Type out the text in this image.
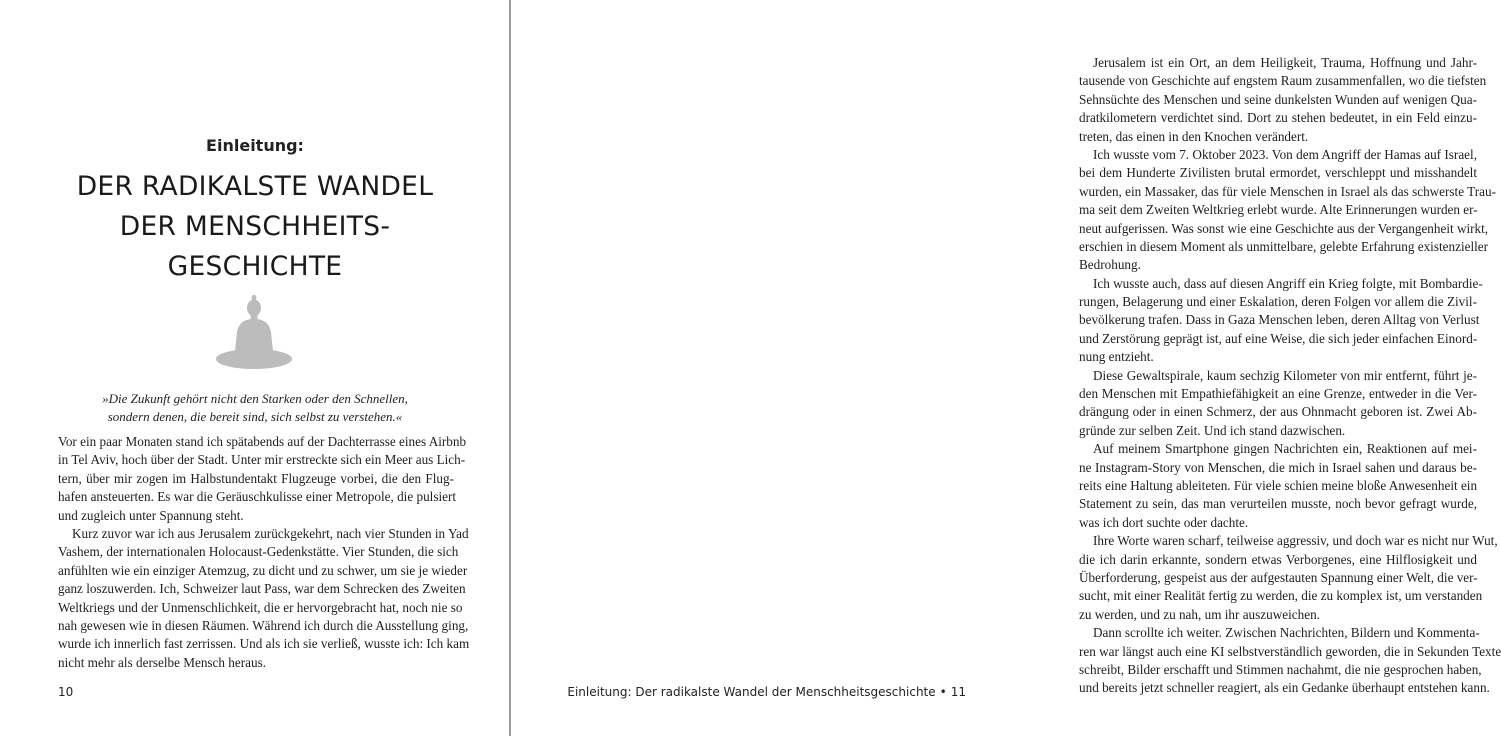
Einleitung:
DER RADIKALSTE WANDEL
DER MENSCHHEITS-
GESCHICHTE

»Die Zukunft gehört nicht den Starken oder den Schnellen,
sondern denen, die bereit sind, sich selbst zu verstehen.«

Vor ein paar Monaten stand ich spätabends auf der Dachterrasse eines Airbnb
in Tel Aviv, hoch über der Stadt. Unter mir erstreckte sich ein Meer aus Lich-
tern, über mir zogen im Halbstundentakt Flugzeuge vorbei, die den Flug-
hafen ansteuerten. Es war die Geräuschkulisse einer Metropole, die pulsiert
und zugleich unter Spannung steht.
Kurz zuvor war ich aus Jerusalem zurückgekehrt, nach vier Stunden in Yad
Vashem, der internationalen Holocaust-Gedenkstätte. Vier Stunden, die sich
anfühlten wie ein einziger Atemzug, zu dicht und zu schwer, um sie je wieder
ganz loszuwerden. Ich, Schweizer laut Pass, war dem Schrecken des Zweiten
Weltkriegs und der Unmenschlichkeit, die er hervorgebracht hat, noch nie so
nah gewesen wie in diesen Räumen. Während ich durch die Ausstellung ging,
wurde ich innerlich fast zerrissen. Und als ich sie verließ, wusste ich: Ich kam
nicht mehr als derselbe Mensch heraus.
10
Jerusalem ist ein Ort, an dem Heiligkeit, Trauma, Hoffnung und Jahr-
tausende von Geschichte auf engstem Raum zusammenfallen, wo die tiefsten
Sehnsüchte des Menschen und seine dunkelsten Wunden auf wenigen Qua-
dratkilometern verdichtet sind. Dort zu stehen bedeutet, in ein Feld einzu-
treten, das einen in den Knochen verändert.
Ich wusste vom 7. Oktober 2023. Von dem Angriff der Hamas auf Israel,
bei dem Hunderte Zivilisten brutal ermordet, verschleppt und misshandelt
wurden, ein Massaker, das für viele Menschen in Israel als das schwerste Trau-
ma seit dem Zweiten Weltkrieg erlebt wurde. Alte Erinnerungen wurden er-
neut aufgerissen. Was sonst wie eine Geschichte aus der Vergangenheit wirkt,
erschien in diesem Moment als unmittelbare, gelebte Erfahrung existenzieller
Bedrohung.
Ich wusste auch, dass auf diesen Angriff ein Krieg folgte, mit Bombardie-
rungen, Belagerung und einer Eskalation, deren Folgen vor allem die Zivil-
bevölkerung trafen. Dass in Gaza Menschen leben, deren Alltag von Verlust
und Zerstörung geprägt ist, auf eine Weise, die sich jeder einfachen Einord-
nung entzieht.
Diese Gewaltspirale, kaum sechzig Kilometer von mir entfernt, führt je-
den Menschen mit Empathiefähigkeit an eine Grenze, entweder in die Ver-
drängung oder in einen Schmerz, der aus Ohnmacht geboren ist. Zwei Ab-
gründe zur selben Zeit. Und ich stand dazwischen.
Auf meinem Smartphone gingen Nachrichten ein, Reaktionen auf mei-
ne Instagram-Story von Menschen, die mich in Israel sahen und daraus be-
reits eine Haltung ableiteten. Für viele schien meine bloße Anwesenheit ein
Statement zu sein, das man verurteilen musste, noch bevor gefragt wurde,
was ich dort suchte oder dachte.
Ihre Worte waren scharf, teilweise aggressiv, und doch war es nicht nur Wut,
die ich darin erkannte, sondern etwas Verborgenes, eine Hilflosigkeit und
Überforderung, gespeist aus der aufgestauten Spannung einer Welt, die ver-
sucht, mit einer Realität fertig zu werden, die zu komplex ist, um verstanden
zu werden, und zu nah, um ihr auszuweichen.
Dann scrollte ich weiter. Zwischen Nachrichten, Bildern und Kommenta-
ren war längst auch eine KI selbstverständlich geworden, die in Sekunden Texte
schreibt, Bilder erschafft und Stimmen nachahmt, die nie gesprochen haben,
und bereits jetzt schneller reagiert, als ein Gedanke überhaupt entstehen kann.
Einleitung: Der radikalste Wandel der Menschheitsgeschichte • 11
